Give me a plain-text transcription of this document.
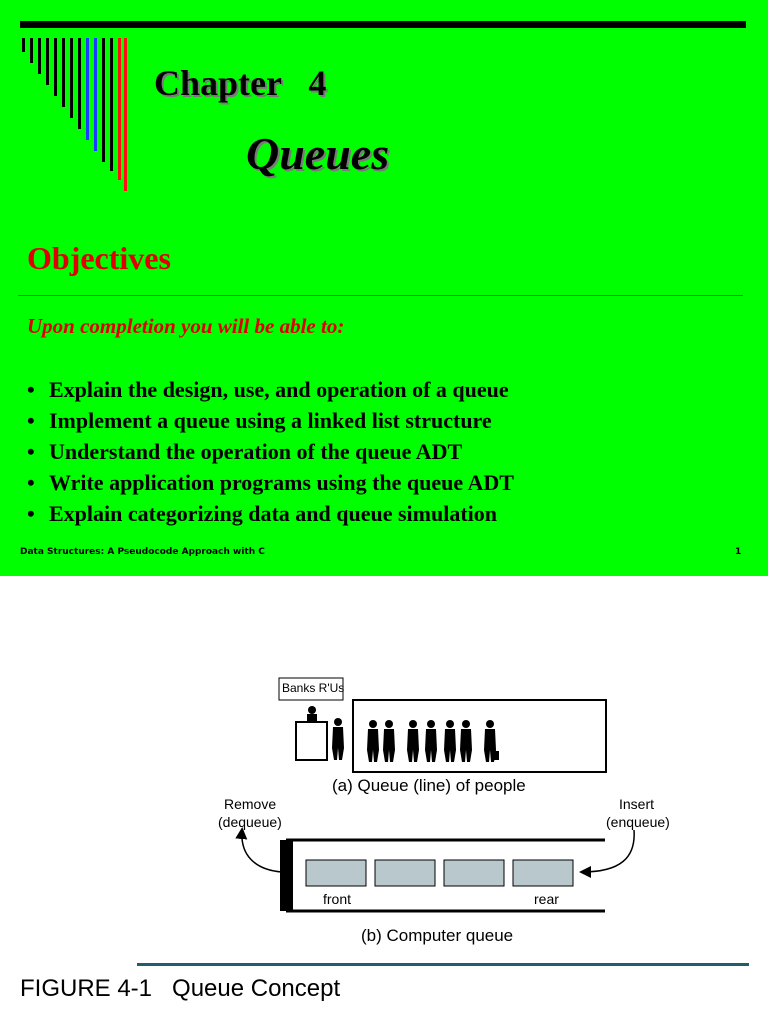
Chapter   4
Queues
Objectives
Upon completion you will be able to:
• Explain the design, use, and operation of a queue
• Implement a queue using a linked list structure
• Understand the operation of the queue ADT
• Write application programs using the queue ADT
• Explain categorizing data and queue simulation
Data Structures: A Pseudocode Approach with C	1
Banks R'Us
(a) Queue (line) of people
Remove
(dequeue)
Insert
(enqueue)
front	rear
(b) Computer queue
FIGURE 4-1   Queue Concept
